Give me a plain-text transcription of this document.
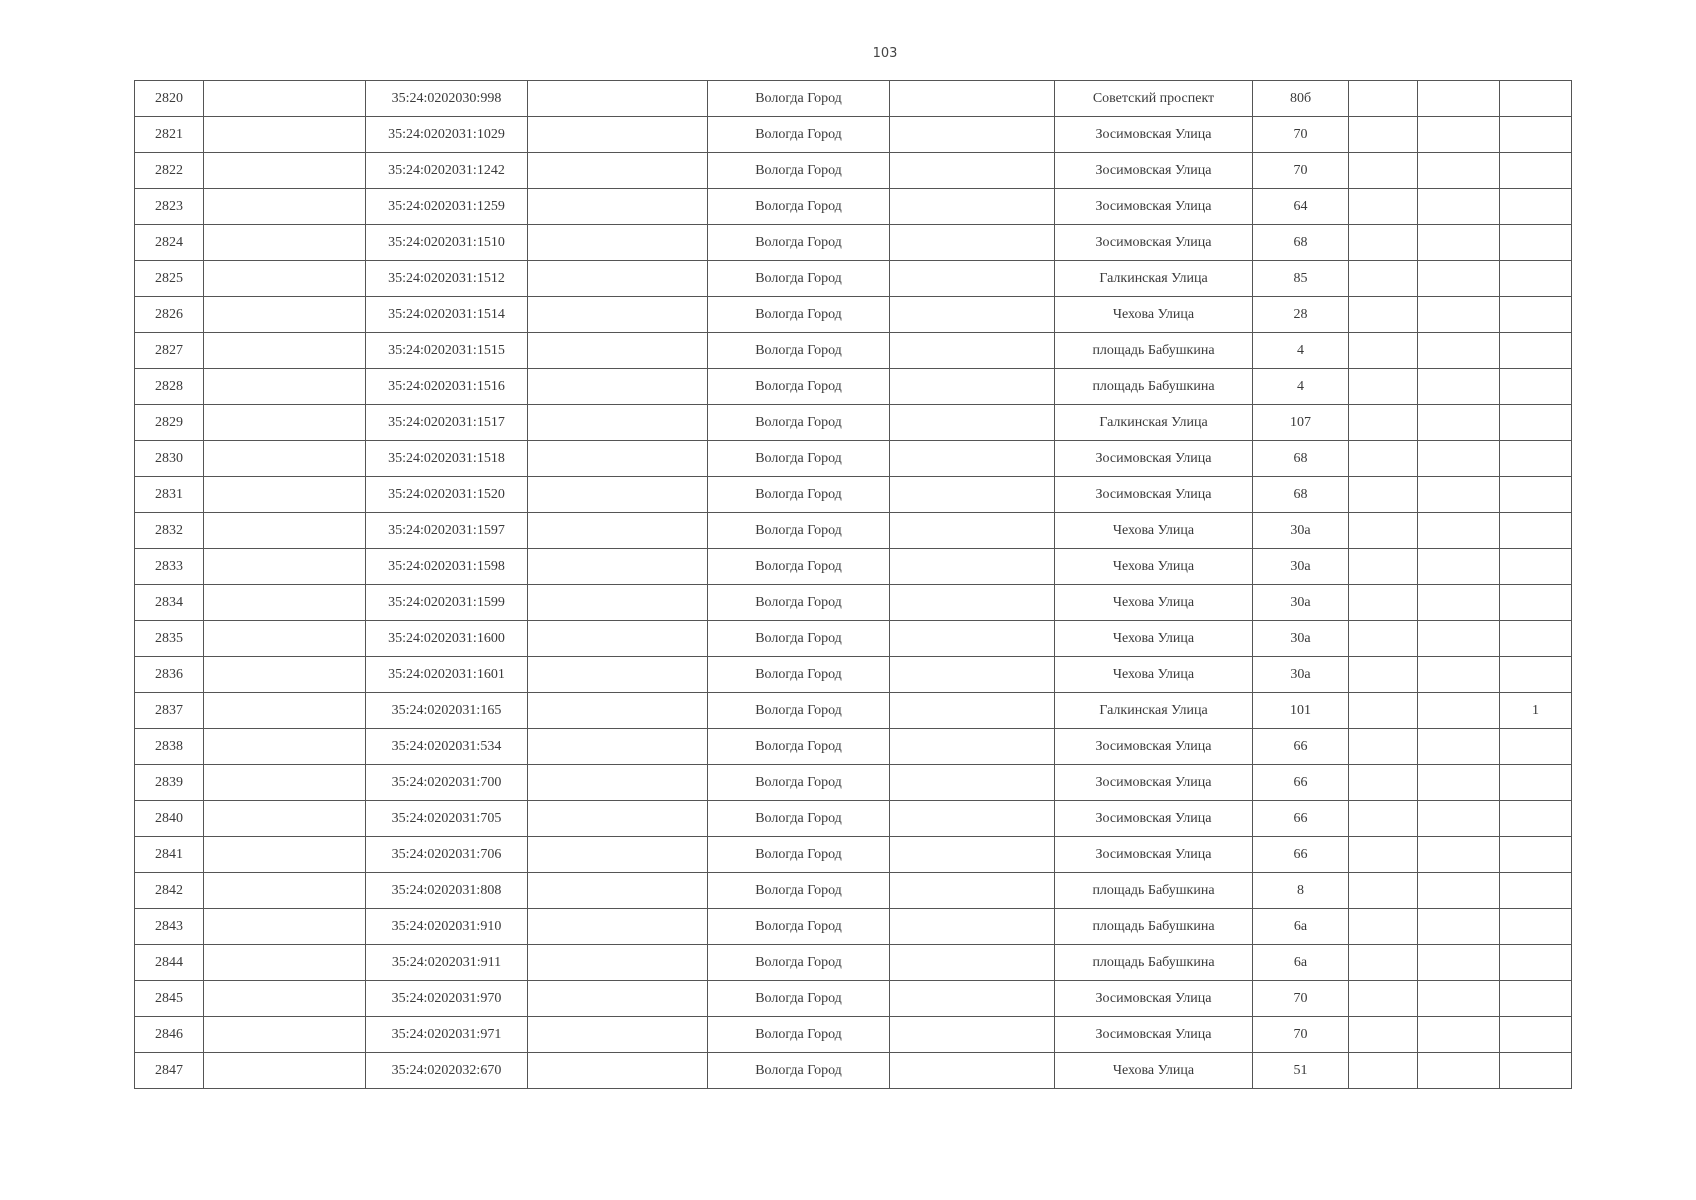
103
2820		35:24:0202030:998		Вологда Город		Советский проспект	80б			
2821		35:24:0202031:1029		Вологда Город		Зосимовская Улица	70			
2822		35:24:0202031:1242		Вологда Город		Зосимовская Улица	70			
2823		35:24:0202031:1259		Вологда Город		Зосимовская Улица	64			
2824		35:24:0202031:1510		Вологда Город		Зосимовская Улица	68			
2825		35:24:0202031:1512		Вологда Город		Галкинская Улица	85			
2826		35:24:0202031:1514		Вологда Город		Чехова Улица	28			
2827		35:24:0202031:1515		Вологда Город		площадь Бабушкина	4			
2828		35:24:0202031:1516		Вологда Город		площадь Бабушкина	4			
2829		35:24:0202031:1517		Вологда Город		Галкинская Улица	107			
2830		35:24:0202031:1518		Вологда Город		Зосимовская Улица	68			
2831		35:24:0202031:1520		Вологда Город		Зосимовская Улица	68			
2832		35:24:0202031:1597		Вологда Город		Чехова Улица	30а			
2833		35:24:0202031:1598		Вологда Город		Чехова Улица	30а			
2834		35:24:0202031:1599		Вологда Город		Чехова Улица	30а			
2835		35:24:0202031:1600		Вологда Город		Чехова Улица	30а			
2836		35:24:0202031:1601		Вологда Город		Чехова Улица	30а			
2837		35:24:0202031:165		Вологда Город		Галкинская Улица	101			1
2838		35:24:0202031:534		Вологда Город		Зосимовская Улица	66			
2839		35:24:0202031:700		Вологда Город		Зосимовская Улица	66			
2840		35:24:0202031:705		Вологда Город		Зосимовская Улица	66			
2841		35:24:0202031:706		Вологда Город		Зосимовская Улица	66			
2842		35:24:0202031:808		Вологда Город		площадь Бабушкина	8			
2843		35:24:0202031:910		Вологда Город		площадь Бабушкина	6а			
2844		35:24:0202031:911		Вологда Город		площадь Бабушкина	6а			
2845		35:24:0202031:970		Вологда Город		Зосимовская Улица	70			
2846		35:24:0202031:971		Вологда Город		Зосимовская Улица	70			
2847		35:24:0202032:670		Вологда Город		Чехова Улица	51			
